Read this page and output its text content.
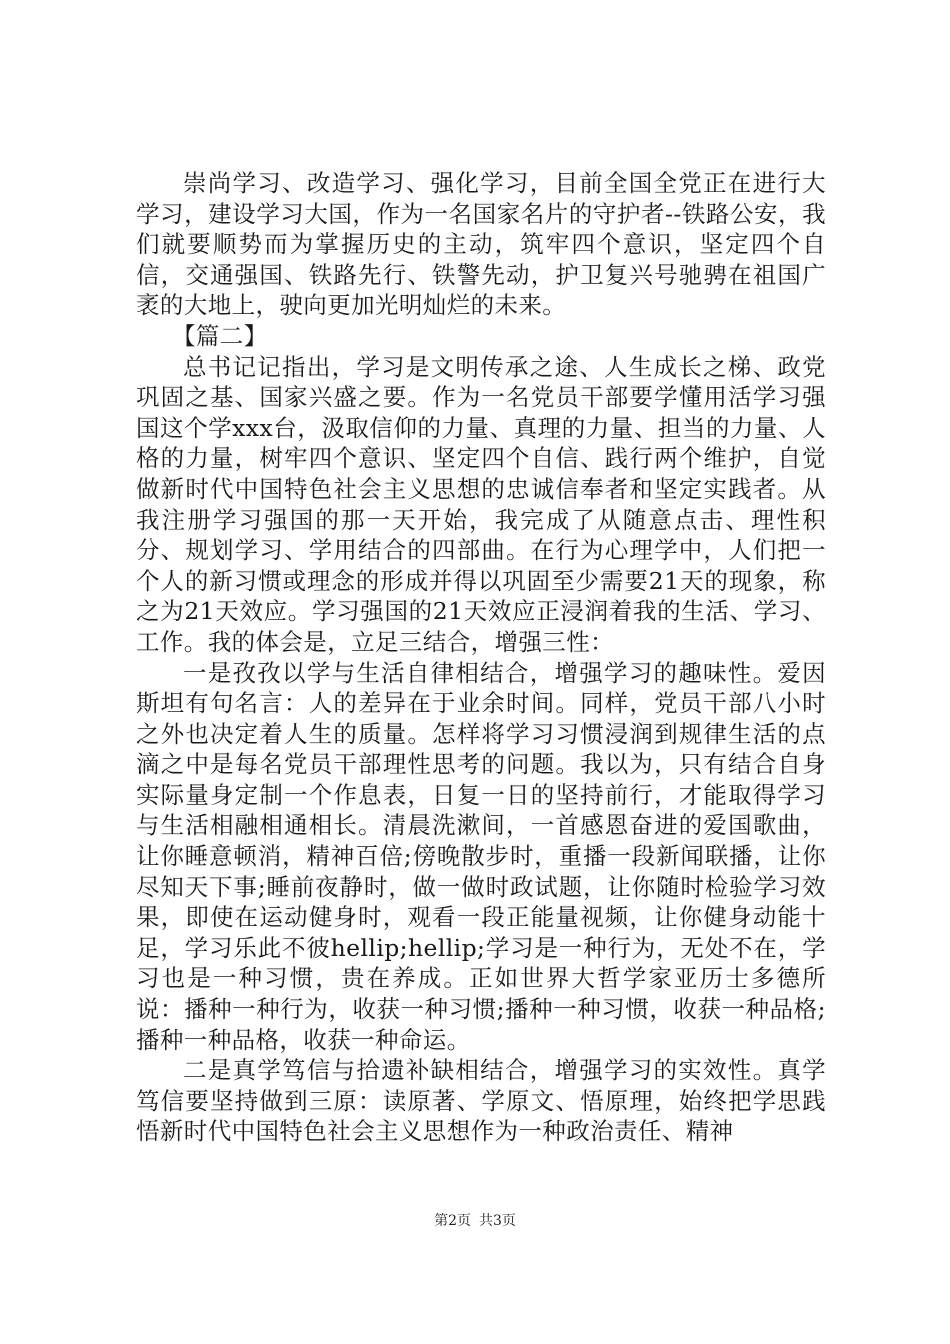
崇尚学习、改造学习、强化学习，目前全国全党正在进行大学习，建设学习大国，作为一名国家名片的守护者--铁路公安，我们就要顺势而为掌握历史的主动，筑牢四个意识，坚定四个自信，交通强国、铁路先行、铁警先动，护卫复兴号驰骋在祖国广袤的大地上，驶向更加光明灿烂的未来。

【篇二】

总书记记指出，学习是文明传承之途、人生成长之梯、政党巩固之基、国家兴盛之要。作为一名党员干部要学懂用活学习强国这个学xxx台，汲取信仰的力量、真理的力量、担当的力量、人格的力量，树牢四个意识、坚定四个自信、践行两个维护，自觉做新时代中国特色社会主义思想的忠诚信奉者和坚定实践者。从我注册学习强国的那一天开始，我完成了从随意点击、理性积分、规划学习、学用结合的四部曲。在行为心理学中，人们把一个人的新习惯或理念的形成并得以巩固至少需要21天的现象，称之为21天效应。学习强国的21天效应正浸润着我的生活、学习、工作。我的体会是，立足三结合，增强三性：

一是孜孜以学与生活自律相结合，增强学习的趣味性。爱因斯坦有句名言：人的差异在于业余时间。同样，党员干部八小时之外也决定着人生的质量。怎样将学习习惯浸润到规律生活的点滴之中是每名党员干部理性思考的问题。我以为，只有结合自身实际量身定制一个作息表，日复一日的坚持前行，才能取得学习与生活相融相通相长。清晨洗漱间，一首感恩奋进的爱国歌曲，让你睡意顿消，精神百倍;傍晚散步时，重播一段新闻联播，让你尽知天下事;睡前夜静时，做一做时政试题，让你随时检验学习效果，即使在运动健身时，观看一段正能量视频，让你健身动能十足，学习乐此不彼hellip;hellip;学习是一种行为，无处不在，学习也是一种习惯，贵在养成。正如世界大哲学家亚历士多德所说：播种一种行为，收获一种习惯;播种一种习惯，收获一种品格;播种一种品格，收获一种命运。

二是真学笃信与拾遗补缺相结合，增强学习的实效性。真学笃信要坚持做到三原：读原著、学原文、悟原理，始终把学思践悟新时代中国特色社会主义思想作为一种政治责任、精神

第2页 共3页
